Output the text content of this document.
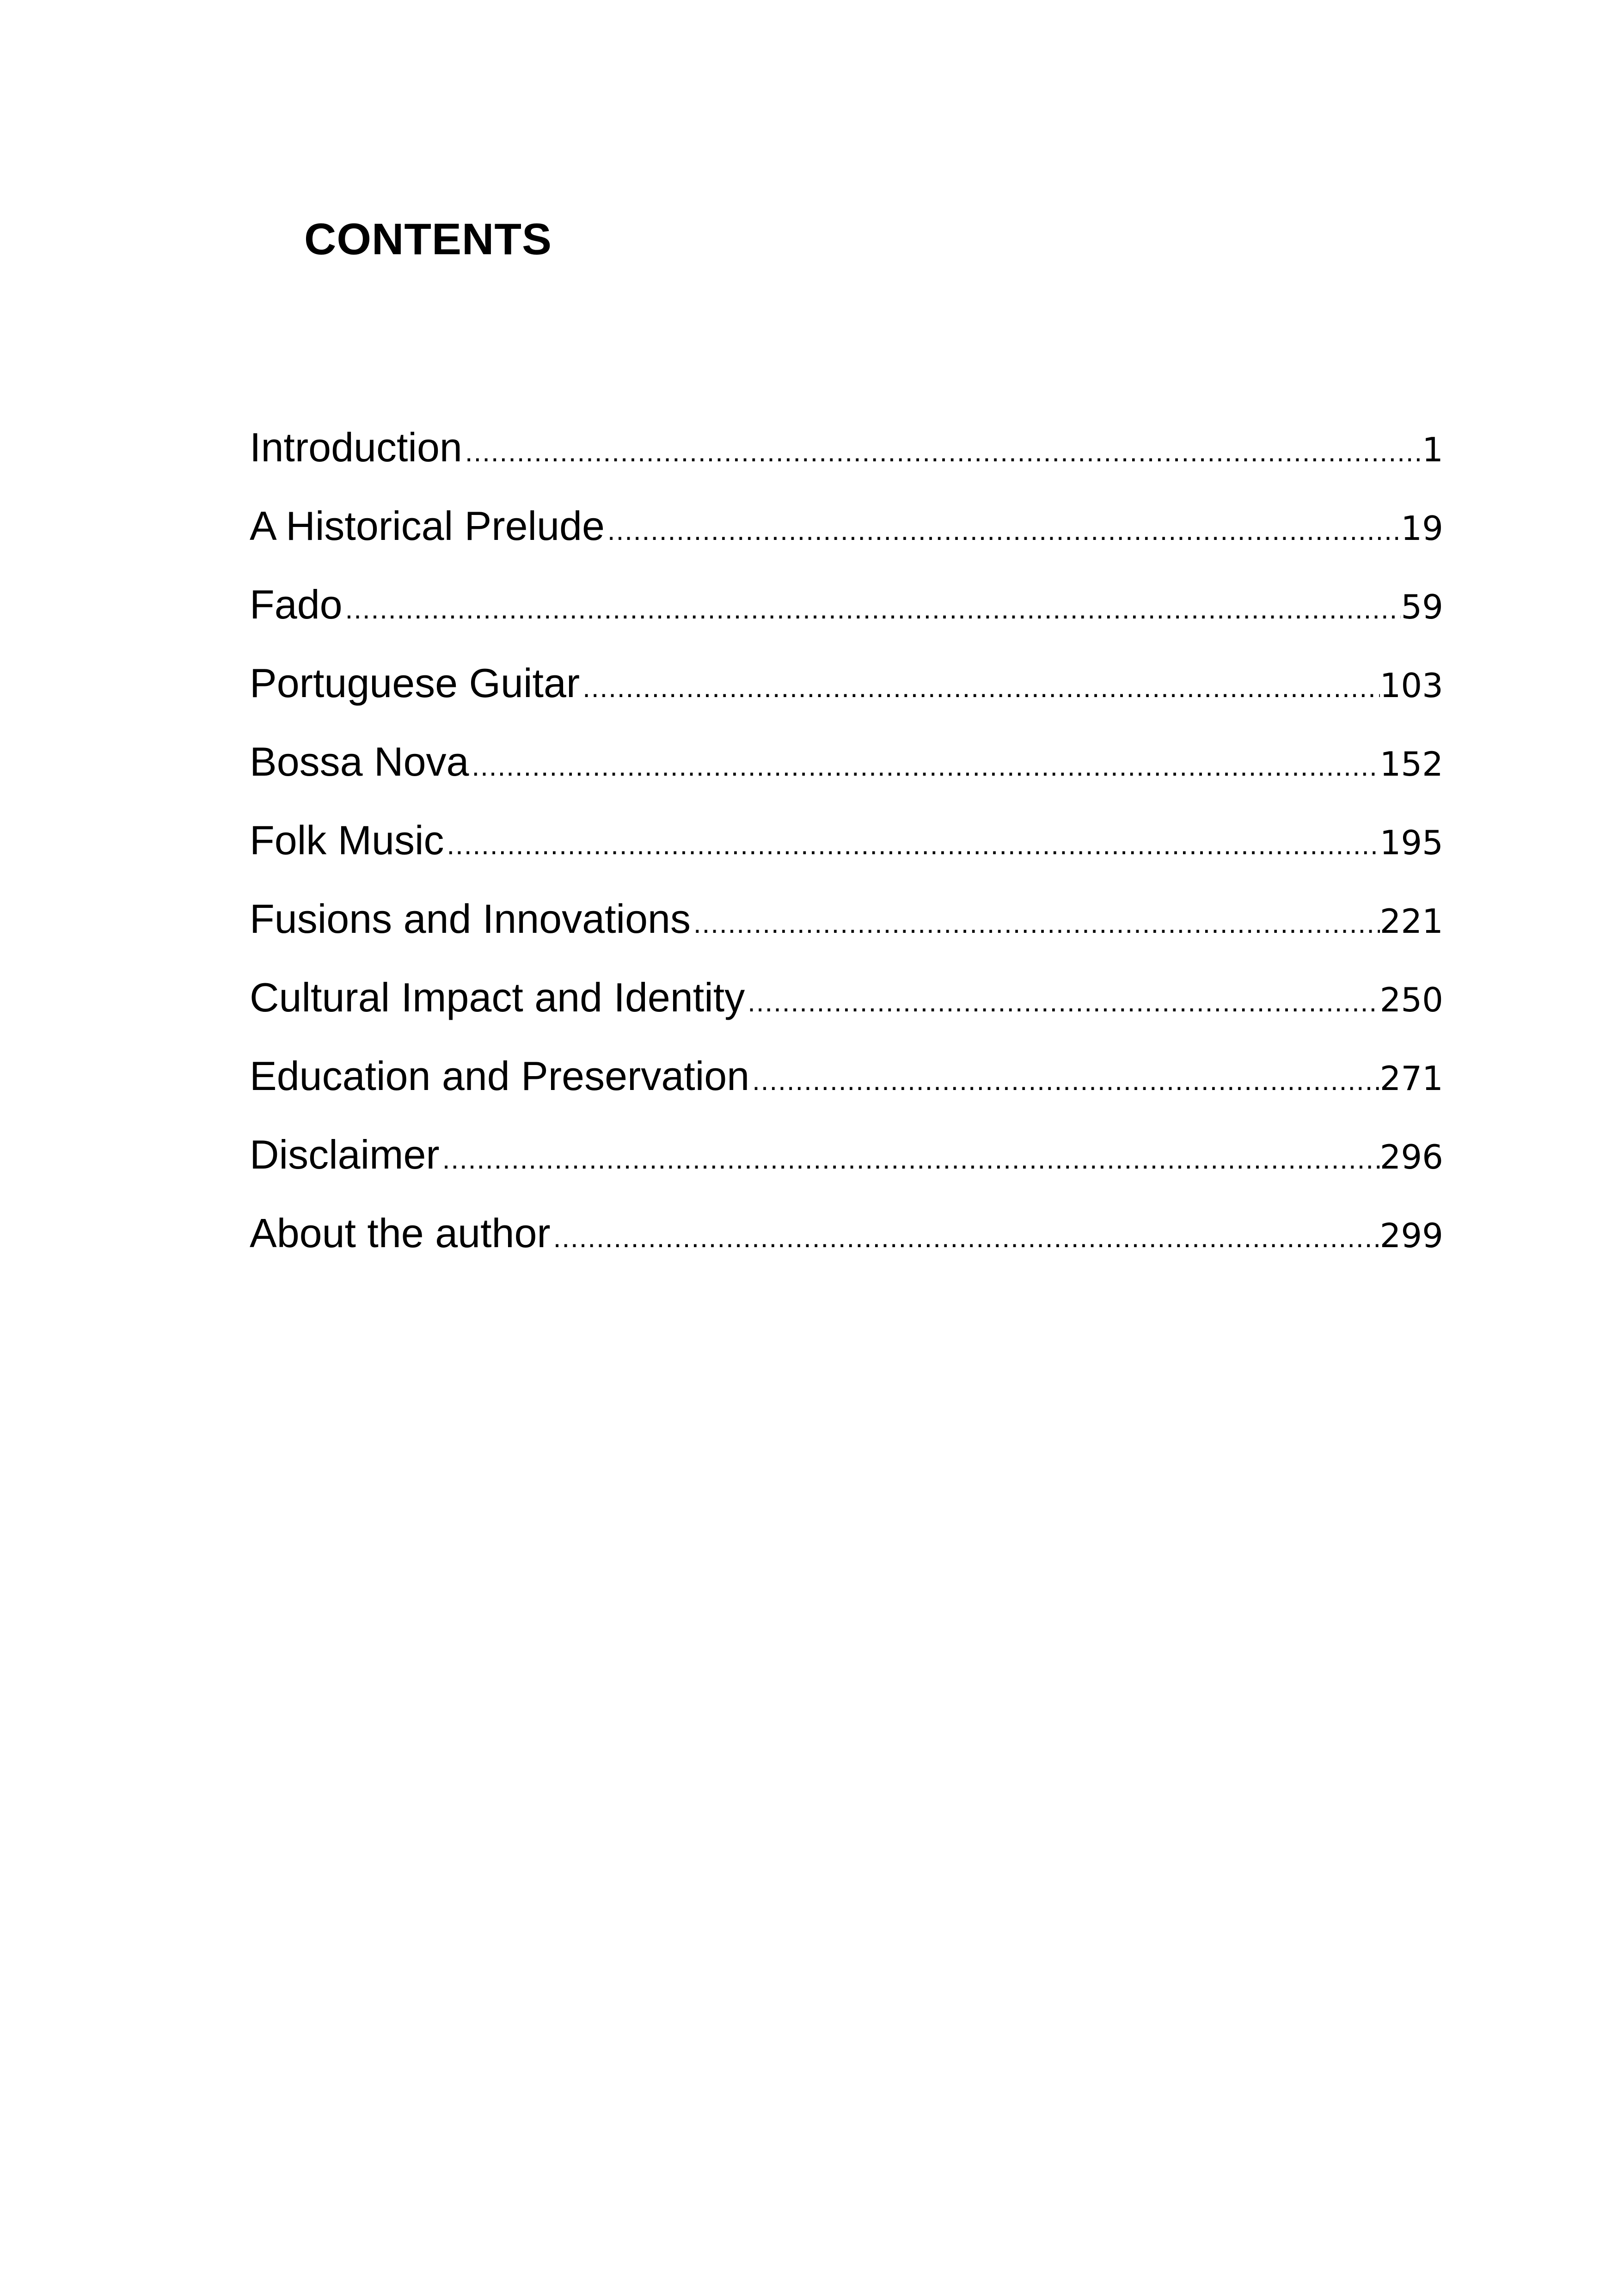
CONTENTS
Introduction .....	1
A Historical Prelude .....	19
Fado .....	59
Portuguese Guitar .....	103
Bossa Nova .....	152
Folk Music .....	195
Fusions and Innovations .....	221
Cultural Impact and Identity .....	250
Education and Preservation .....	271
Disclaimer .....	296
About the author .....	299
